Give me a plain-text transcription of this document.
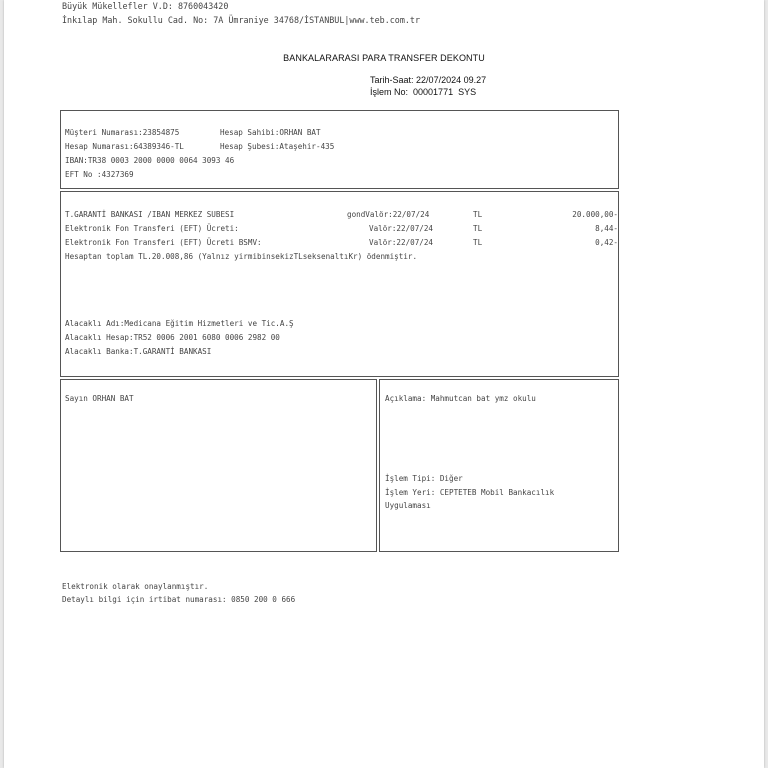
Büyük Mükellefler V.D: 8760043420
İnkılap Mah. Sokullu Cad. No: 7A Ümraniye 34768/İSTANBUL|www.teb.com.tr
BANKALARARASI PARA TRANSFER DEKONTU
Tarih-Saat: 22/07/2024 09.27
İşlem No: 00001771 SYS
Müşteri Numarası:23854875	Hesap Sahibi:ORHAN BAT
Hesap Numarası:64389346-TL	Hesap Şubesi:Ataşehir-435
IBAN:TR38 0003 2000 0000 0064 3093 46
EFT No :4327369
T.GARANTİ BANKASI /IBAN MERKEZ SUBESI	gondValör:22/07/24	TL	20.000,00-
Elektronik Fon Transferi (EFT) Ücreti:	Valör:22/07/24	TL	8,44-
Elektronik Fon Transferi (EFT) Ücreti BSMV:	Valör:22/07/24	TL	0,42-
Hesaptan toplam TL.20.008,86 (Yalnız yirmibinsekizTLseksenaltıKr) ödenmiştir.
Alacaklı Adı:Medicana Eğitim Hizmetleri ve Tic.A.Ş
Alacaklı Hesap:TR52 0006 2001 6080 0006 2982 00
Alacaklı Banka:T.GARANTİ BANKASI
Sayın ORHAN BAT	Açıklama: Mahmutcan bat ymz okulu
İşlem Tipi: Diğer
İşlem Yeri: CEPTETEB Mobil Bankacılık
Uygulaması
Elektronik olarak onaylanmıştır.
Detaylı bilgi için irtibat numarası: 0850 200 0 666
